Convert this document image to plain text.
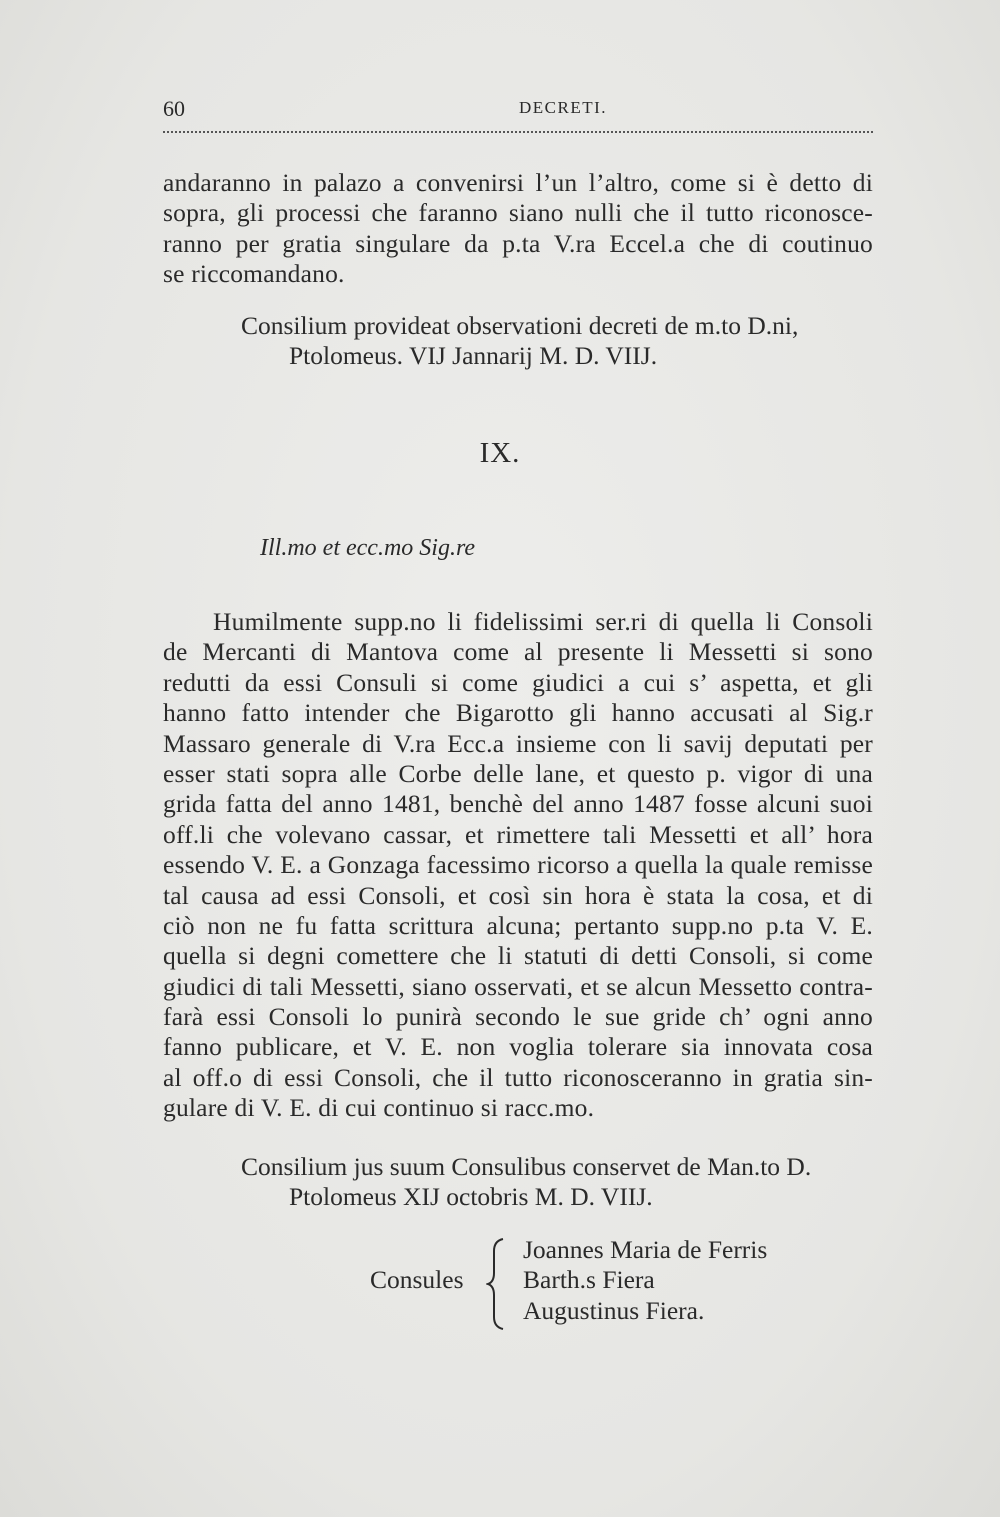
60	DECRETI.
andaranno in palazo a convenirsi l’un l’altro, come si è detto di
sopra, gli processi che faranno siano nulli che il tutto riconosce-
ranno per gratia singulare da p.ta V.ra Eccel.a che di coutinuo
se riccomandano.
Consilium provideat observationi decreti de m.to D.ni,
Ptolomeus. VIJ Jannarij M. D. VIIJ.
IX.
Ill.mo et ecc.mo Sig.re
Humilmente supp.no li fidelissimi ser.ri di quella li Consoli
de Mercanti di Mantova come al presente li Messetti si sono
redutti da essi Consuli si come giudici a cui s’ aspetta, et gli
hanno fatto intender che Bigarotto gli hanno accusati al Sig.r
Massaro generale di V.ra Ecc.a insieme con li savij deputati per
esser stati sopra alle Corbe delle lane, et questo p. vigor di una
grida fatta del anno 1481, benchè del anno 1487 fosse alcuni suoi
off.li che volevano cassar, et rimettere tali Messetti et all’ hora
essendo V. E. a Gonzaga facessimo ricorso a quella la quale remisse
tal causa ad essi Consoli, et così sin hora è stata la cosa, et di
ciò non ne fu fatta scrittura alcuna; pertanto supp.no p.ta V. E.
quella si degni comettere che li statuti di detti Consoli, si come
giudici di tali Messetti, siano osservati, et se alcun Messetto contra-
farà essi Consoli lo punirà secondo le sue gride ch’ ogni anno
fanno publicare, et V. E. non voglia tolerare sia innovata cosa
al off.o di essi Consoli, che il tutto riconosceranno in gratia sin-
gulare di V. E. di cui continuo si racc.mo.
Consilium jus suum Consulibus conservet de Man.to D.
Ptolomeus XIJ octobris M. D. VIIJ.
Consules
Joannes Maria de Ferris
Barth.s Fiera
Augustinus Fiera.
